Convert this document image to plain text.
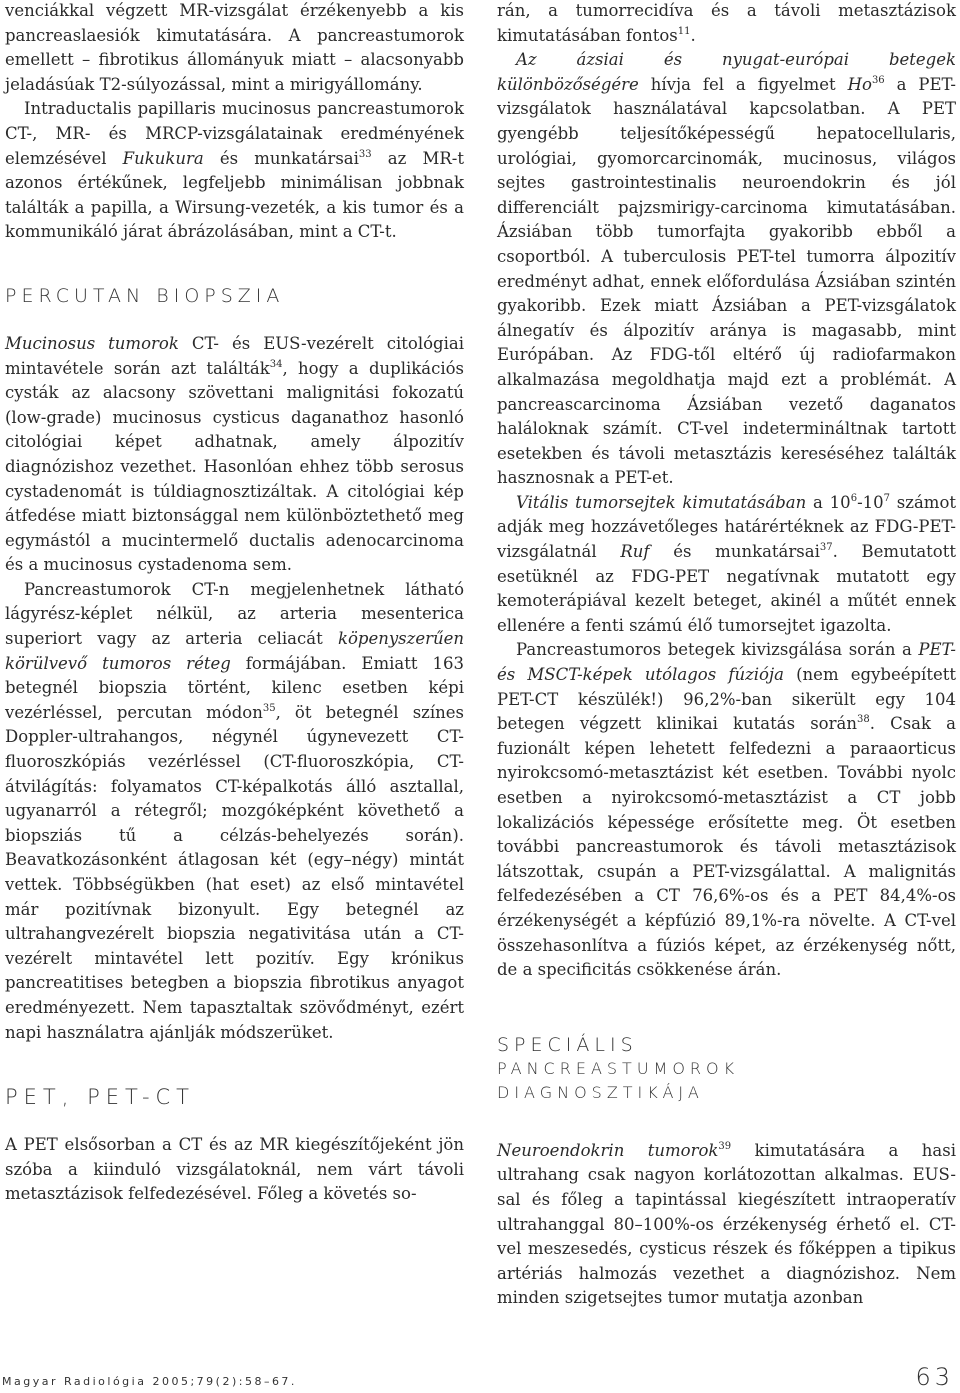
venciákkal végzett MR-vizsgálat érzékenyebb a kis pancreaslaesiók kimutatására. A pancreastumorok emellett – fibrotikus állományuk miatt – alacsonyabb jeladásúak T2-súlyozással, mint a mirigyállomány.

Intraductalis papillaris mucinosus pancreastumorok CT-, MR- és MRCP-vizsgálatainak eredményének elemzésével Fukukura és munkatársai$^{33}$ az MR-t azonos értékűnek, legfeljebb minimálisan jobbnak találták a papilla, a Wirsung-vezeték, a kis tumor és a kommunikáló járat ábrázolásában, mint a CT-t.

PERCUTAN BIOPSZIA

Mucinosus tumorok CT- és EUS-vezérelt citológiai mintavétele során azt találták$^{34}$, hogy a duplikációs cysták az alacsony szövettani malignitási fokozatú (low-grade) mucinosus cysticus daganathoz hasonló citológiai képet adhatnak, amely álpozitív diagnózishoz vezethet. Hasonlóan ehhez több serosus cystadenomát is túldiagnosztizáltak. A citológiai kép átfedése miatt biztonsággal nem különböztethető meg egymástól a mucintermelő ductalis adenocarcinoma és a mucinosus cystadenoma sem.

Pancreastumorok CT-n megjelenhetnek látható lágyrész-képlet nélkül, az arteria mesenterica superiort vagy az arteria celiacát köpenyszerűen körülvevő tumoros réteg formájában. Emiatt 163 betegnél biopszia történt, kilenc esetben képi vezérléssel, percutan módon$^{35}$, öt betegnél színes Doppler-ultrahangos, négynél úgynevezett CT-fluoroszkópiás vezérléssel (CT-fluoroszkópia, CT-átvilágítás: folyamatos CT-képalkotás álló asztallal, ugyanarról a rétegről; mozgóképként követhető a biopsziás tű a célzás-behelyezés során). Beavatkozásonként átlagosan két (egy–négy) mintát vettek. Többségükben (hat eset) az első mintavétel már pozitívnak bizonyult. Egy betegnél az ultrahangvezérelt biopszia negativitása után a CT-vezérelt mintavétel lett pozitív. Egy krónikus pancreatitises betegben a biopszia fibrotikus anyagot eredményezett. Nem tapasztaltak szövődményt, ezért napi használatra ajánlják módszerüket.

PET, PET-CT

A PET elsősorban a CT és az MR kiegészítőjeként jön szóba a kiinduló vizsgálatoknál, nem várt távoli metasztázisok felfedezésével. Főleg a követés so-

rán, a tumorrecidíva és a távoli metasztázisok kimutatásában fontos$^{11}$.

Az ázsiai és nyugat-európai betegek különbözőségére hívja fel a figyelmet Ho$^{36}$ a PET-vizsgálatok használatával kapcsolatban. A PET gyengébb teljesítőképességű hepatocellularis, urológiai, gyomorcarcinomák, mucinosus, világos sejtes gastrointestinalis neuroendokrin és jól differenciált pajzsmirigy-carcinoma kimutatásában. Ázsiában több tumorfajta gyakoribb ebből a csoportból. A tuberculosis PET-tel tumorra álpozitív eredményt adhat, ennek előfordulása Ázsiában szintén gyakoribb. Ezek miatt Ázsiában a PET-vizsgálatok álnegatív és álpozitív aránya is magasabb, mint Európában. Az FDG-től eltérő új radiofarmakon alkalmazása megoldhatja majd ezt a problémát. A pancreascarcinoma Ázsiában vezető daganatos haláloknak számít. CT-vel indetermináltnak tartott esetekben és távoli metasztázis kereséséhez találták hasznosnak a PET-et.

Vitális tumorsejtek kimutatásában a $10^6-10^7$ számot adják meg hozzávetőleges határértéknek az FDG-PET-vizsgálatnál Ruf és munkatársai$^{37}$. Bemutatott esetüknél az FDG-PET negatívnak mutatott egy kemoterápiával kezelt beteget, akinél a műtét ennek ellenére a fenti számú élő tumorsejtet igazolta.

Pancreastumoros betegek kivizsgálása során a PET- és MSCT-képek utólagos fúziója (nem egybeépített PET-CT készülék!) 96,2%-ban sikerült egy 104 betegen végzett klinikai kutatás során$^{38}$. Csak a fuzionált képen lehetett felfedezni a paraaorticus nyirokcsomó-metasztázist két esetben. További nyolc esetben a nyirokcsomó-metasztázist a CT jobb lokalizációs képessége erősítette meg. Öt esetben további pancreastumorok és távoli metasztázisok látszottak, csupán a PET-vizsgálattal. A malignitás felfedezésében a CT 76,6%-os és a PET 84,4%-os érzékenységét a képfúzió 89,1%-ra növelte. A CT-vel összehasonlítva a fúziós képet, az érzékenység nőtt, de a specificitás csökkenése árán.

SPECIÁLIS
PANCREASTUMOROK
DIAGNOSZTIKÁJA

Neuroendokrin tumorok$^{39}$ kimutatására a hasi ultrahang csak nagyon korlátozottan alkalmas. EUS-sal és főleg a tapintással kiegészített intraoperatív ultrahanggal 80–100%-os érzékenység érhető el. CT-vel meszesedés, cysticus részek és főképpen a tipikus artériás halmozás vezethet a diagnózishoz. Nem minden szigetsejtes tumor mutatja azonban

Magyar Radiológia 2005;79(2):58–67.	63
